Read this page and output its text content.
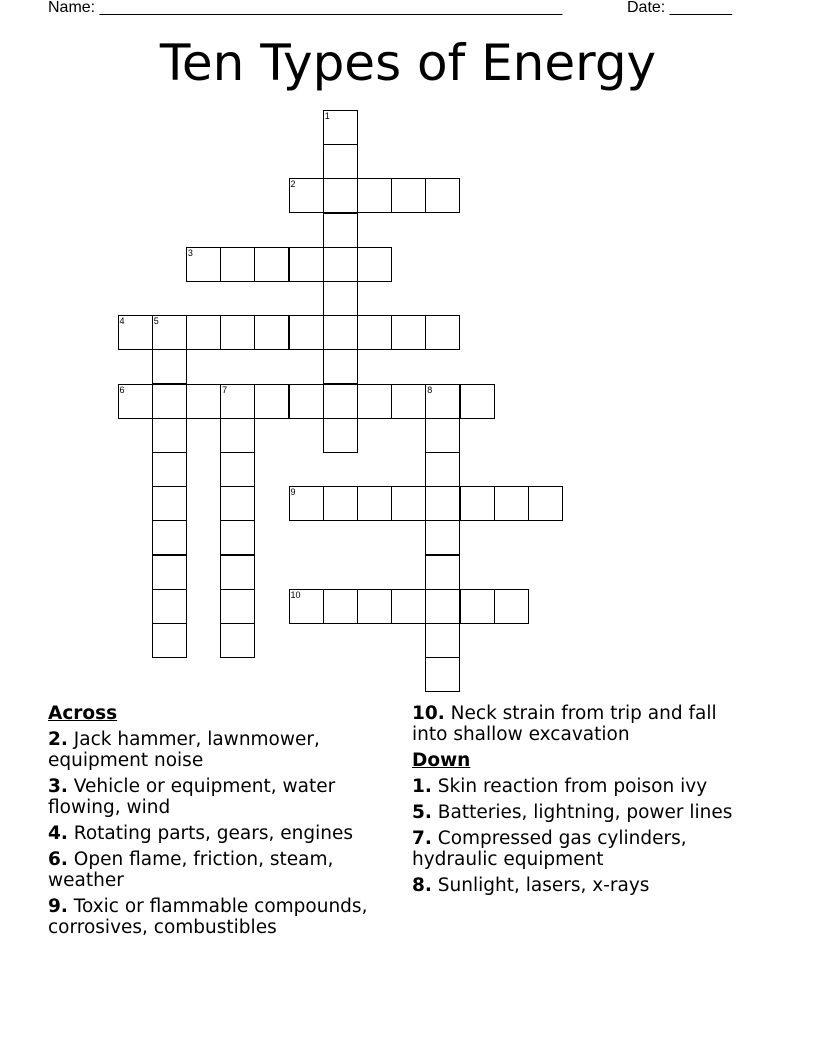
Name: ____________________________________________________	Date: _______
Ten Types of Energy
1
2
3
4	5
6	7	8
9
10
Across
2. Jack hammer, lawnmower, equipment noise
3. Vehicle or equipment, water flowing, wind
4. Rotating parts, gears, engines
6. Open flame, friction, steam, weather
9. Toxic or flammable compounds, corrosives, combustibles
10. Neck strain from trip and fall into shallow excavation
Down
1. Skin reaction from poison ivy
5. Batteries, lightning, power lines
7. Compressed gas cylinders, hydraulic equipment
8. Sunlight, lasers, x-rays
